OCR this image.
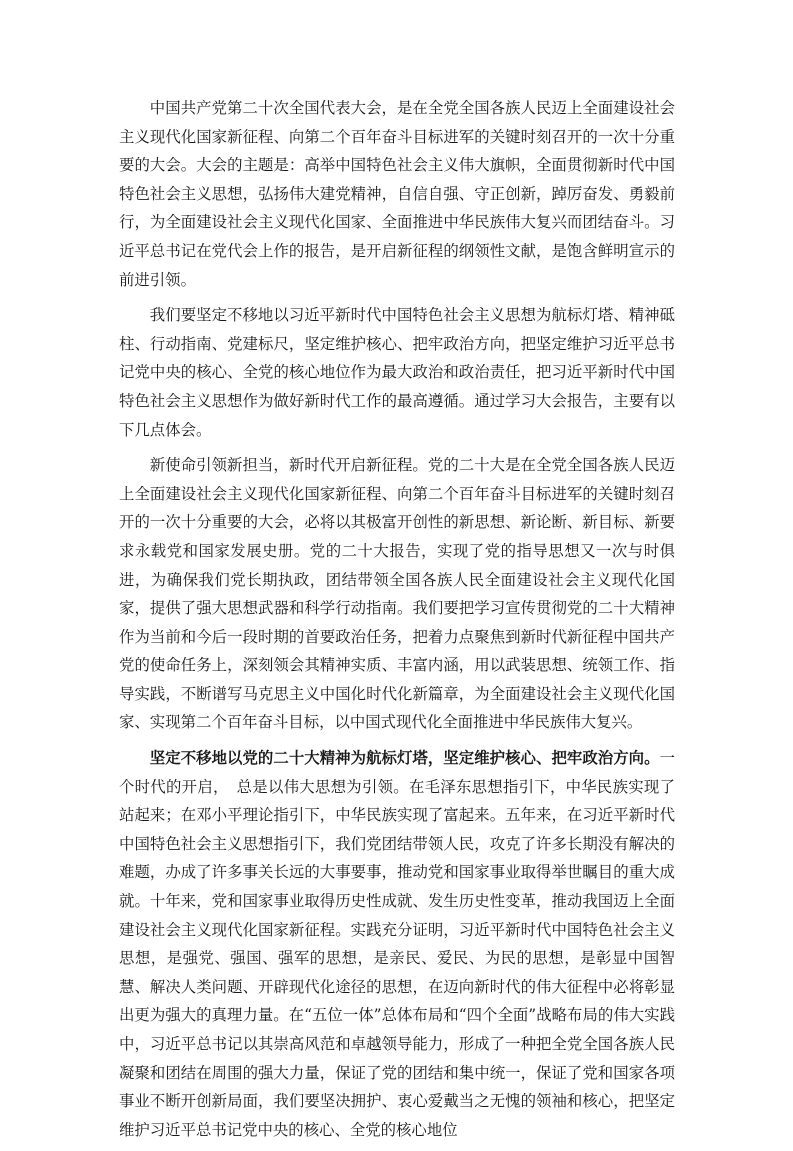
中国共产党第二十次全国代表大会，是在全党全国各族人民迈上全面建设社会主义现代化国家新征程、向第二个百年奋斗目标进军的关键时刻召开的一次十分重要的大会。大会的主题是：高举中国特色社会主义伟大旗帜，全面贯彻新时代中国特色社会主义思想，弘扬伟大建党精神，自信自强、守正创新，踔厉奋发、勇毅前行，为全面建设社会主义现代化国家、全面推进中华民族伟大复兴而团结奋斗。习近平总书记在党代会上作的报告，是开启新征程的纲领性文献，是饱含鲜明宣示的前进引领。

我们要坚定不移地以习近平新时代中国特色社会主义思想为航标灯塔、精神砥柱、行动指南、党建标尺，坚定维护核心、把牢政治方向，把坚定维护习近平总书记党中央的核心、全党的核心地位作为最大政治和政治责任，把习近平新时代中国特色社会主义思想作为做好新时代工作的最高遵循。通过学习大会报告，主要有以下几点体会。

新使命引领新担当，新时代开启新征程。党的二十大是在全党全国各族人民迈上全面建设社会主义现代化国家新征程、向第二个百年奋斗目标进军的关键时刻召开的一次十分重要的大会，必将以其极富开创性的新思想、新论断、新目标、新要求永载党和国家发展史册。党的二十大报告，实现了党的指导思想又一次与时俱进，为确保我们党长期执政，团结带领全国各族人民全面建设社会主义现代化国家，提供了强大思想武器和科学行动指南。我们要把学习宣传贯彻党的二十大精神作为当前和今后一段时期的首要政治任务，把着力点聚焦到新时代新征程中国共产党的使命任务上，深刻领会其精神实质、丰富内涵，用以武装思想、统领工作、指导实践，不断谱写马克思主义中国化时代化新篇章，为全面建设社会主义现代化国家、实现第二个百年奋斗目标，以中国式现代化全面推进中华民族伟大复兴。

坚定不移地以党的二十大精神为航标灯塔，坚定维护核心、把牢政治方向。一个时代的开启，　总是以伟大思想为引领。在毛泽东思想指引下，中华民族实现了站起来；在邓小平理论指引下，中华民族实现了富起来。五年来，在习近平新时代中国特色社会主义思想指引下，我们党团结带领人民，攻克了许多长期没有解决的难题，办成了许多事关长远的大事要事，推动党和国家事业取得举世瞩目的重大成就。十年来，党和国家事业取得历史性成就、发生历史性变革，推动我国迈上全面建设社会主义现代化国家新征程。实践充分证明，习近平新时代中国特色社会主义思想，是强党、强国、强军的思想，是亲民、爱民、为民的思想，是彰显中国智慧、解决人类问题、开辟现代化途径的思想，在迈向新时代的伟大征程中必将彰显出更为强大的真理力量。在“五位一体”总体布局和“四个全面”战略布局的伟大实践中，习近平总书记以其崇高风范和卓越领导能力，形成了一种把全党全国各族人民凝聚和团结在周围的强大力量，保证了党的团结和集中统一，保证了党和国家各项事业不断开创新局面，我们要坚决拥护、衷心爱戴当之无愧的领袖和核心，把坚定维护习近平总书记党中央的核心、全党的核心地位
